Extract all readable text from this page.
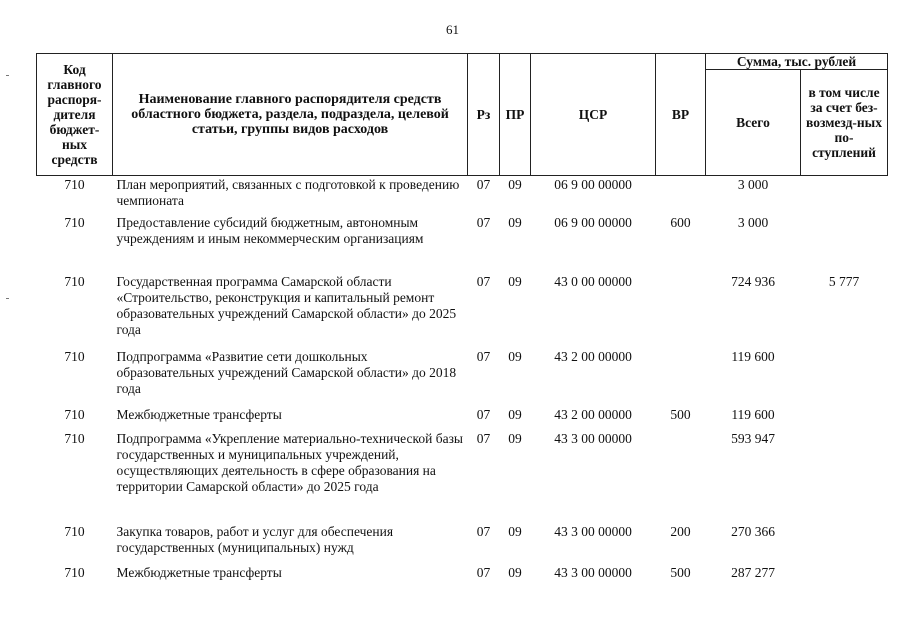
61
Код главного распоря-дителя бюджет-ных средств	Наименование главного распорядителя средств областного бюджета, раздела, подраздела, целевой статьи, группы видов расходов	Рз	ПР	ЦСР	ВР	Сумма, тыс. рублей	
						Всего	в том числе за счет без-возмезд-ных по-ступлений
710	План мероприятий, связанных с подготовкой к проведению чемпионата	07	09	06 9 00 00000		3 000	
710	Предоставление субсидий бюджетным, автономным учреждениям и иным некоммерческим организациям	07	09	06 9 00 00000	600	3 000	
710	Государственная программа Самарской области «Строительство, реконструкция и капитальный ремонт образовательных учреждений Самарской области» до 2025 года	07	09	43 0 00 00000		724 936	5 777
710	Подпрограмма «Развитие сети дошкольных образовательных учреждений Самарской области» до 2018 года	07	09	43 2 00 00000		119 600	
710	Межбюджетные трансферты	07	09	43 2 00 00000	500	119 600	
710	Подпрограмма «Укрепление материально-технической базы государственных и муниципальных учреждений, осуществляющих деятельность в сфере образования на территории Самарской области» до 2025 года	07	09	43 3 00 00000		593 947	
710	Закупка товаров, работ и услуг для обеспечения государственных (муниципальных) нужд	07	09	43 3 00 00000	200	270 366	
710	Межбюджетные трансферты	07	09	43 3 00 00000	500	287 277	
